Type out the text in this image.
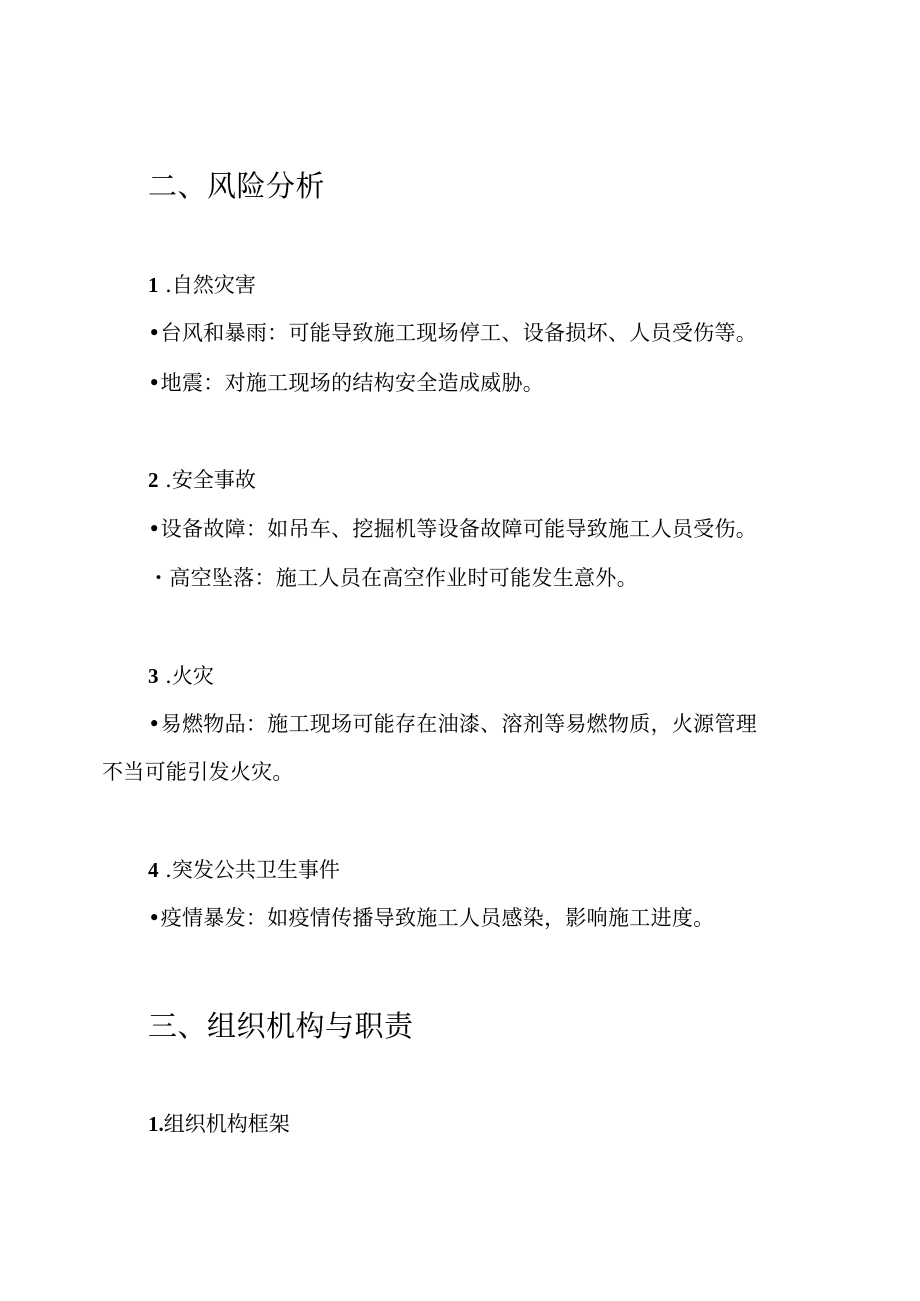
二、风险分析
1 .自然灾害
•台风和暴雨：可能导致施工现场停工、设备损坏、人员受伤等。
•地震：对施工现场的结构安全造成威胁。
2 .安全事故
•设备故障：如吊车、挖掘机等设备故障可能导致施工人员受伤。
・高空坠落：施工人员在高空作业时可能发生意外。
3 .火灾
•易燃物品：施工现场可能存在油漆、溶剂等易燃物质，火源管理
不当可能引发火灾。
4 .突发公共卫生事件
•疫情暴发：如疫情传播导致施工人员感染，影响施工进度。
三、组织机构与职责
1.组织机构框架
